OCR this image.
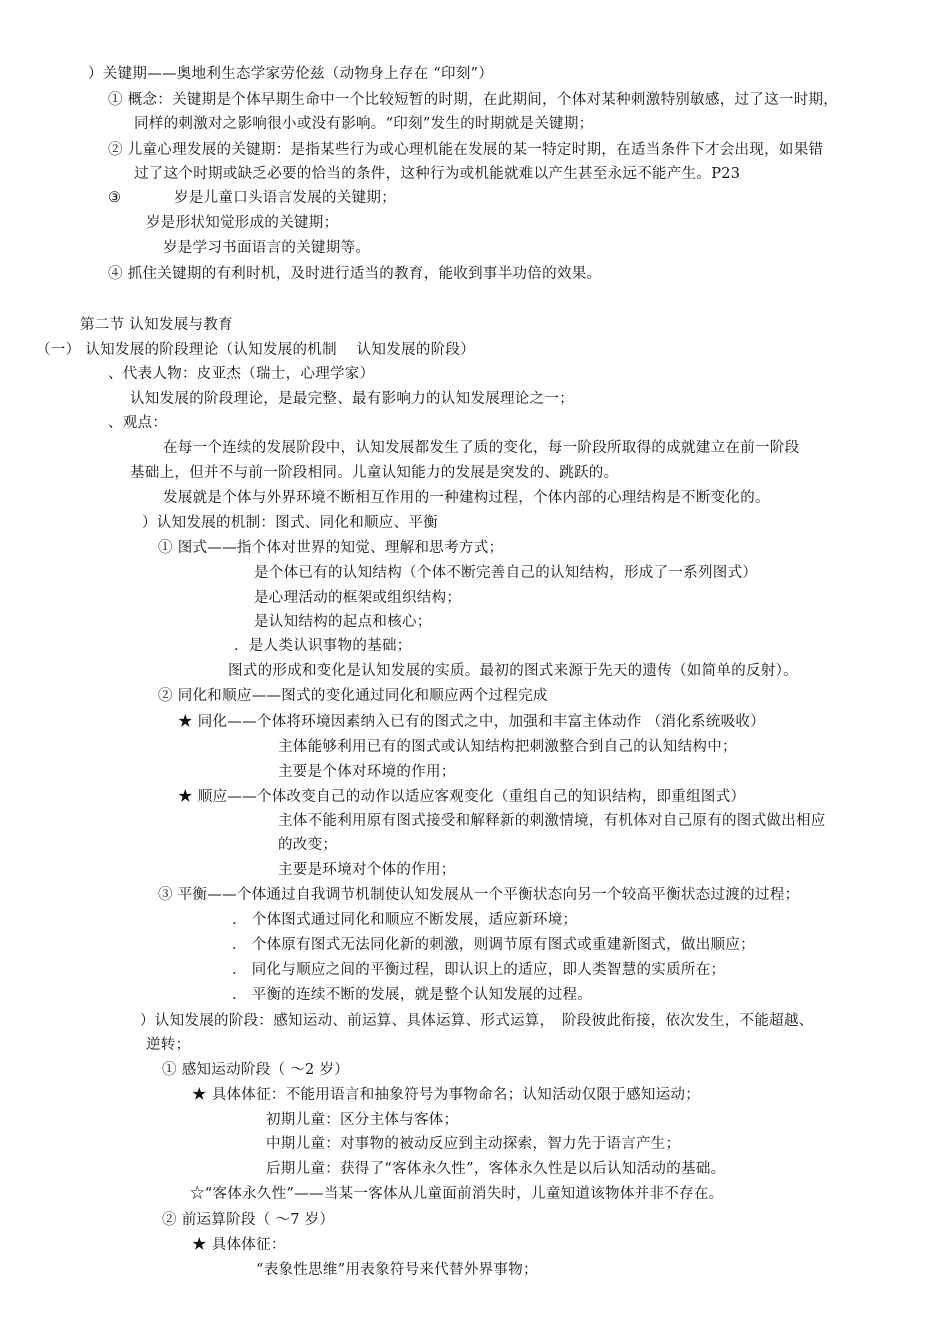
）关键期——奥地利生态学家劳伦兹（动物身上存在 “印刻”）
① 概念：关键期是个体早期生命中一个比较短暂的时期，在此期间，个体对某种刺激特别敏感，过了这一时期，
同样的刺激对之影响很小或没有影响。“印刻”发生的时期就是关键期；
② 儿童心理发展的关键期：是指某些行为或心理机能在发展的某一特定时期，在适当条件下才会出现，如果错
过了这个时期或缺乏必要的恰当的条件，这种行为或机能就难以产生甚至永远不能产生。P23
③	岁是儿童口头语言发展的关键期；
岁是形状知觉形成的关键期；
岁是学习书面语言的关键期等。
④ 抓住关键期的有利时机，及时进行适当的教育，能收到事半功倍的效果。
第二节 认知发展与教育
（一） 认知发展的阶段理论（认知发展的机制　 认知发展的阶段）
、代表人物：皮亚杰（瑞士，心理学家）
认知发展的阶段理论，是最完整、最有影响力的认知发展理论之一；
、观点：
在每一个连续的发展阶段中，认知发展都发生了质的变化，每一阶段所取得的成就建立在前一阶段
基础上，但并不与前一阶段相同。儿童认知能力的发展是突发的、跳跃的。
发展就是个体与外界环境不断相互作用的一种建构过程，个体内部的心理结构是不断变化的。
）认知发展的机制：图式、同化和顺应、平衡
① 图式——指个体对世界的知觉、理解和思考方式；
是个体已有的认知结构（个体不断完善自己的认知结构，形成了一系列图式）
是心理活动的框架或组织结构；
是认知结构的起点和核心；
．是人类认识事物的基础；
图式的形成和变化是认知发展的实质。最初的图式来源于先天的遗传（如简单的反射）。
② 同化和顺应——图式的变化通过同化和顺应两个过程完成
★ 同化——个体将环境因素纳入已有的图式之中，加强和丰富主体动作 （消化系统吸收）
主体能够利用已有的图式或认知结构把刺激整合到自己的认知结构中；
主要是个体对环境的作用；
★ 顺应——个体改变自己的动作以适应客观变化（重组自己的知识结构，即重组图式）
主体不能利用原有图式接受和解释新的刺激情境，有机体对自己原有的图式做出相应
的改变；
主要是环境对个体的作用；
③ 平衡——个体通过自我调节机制使认知发展从一个平衡状态向另一个较高平衡状态过渡的过程；
． 个体图式通过同化和顺应不断发展，适应新环境；
． 个体原有图式无法同化新的刺激，则调节原有图式或重建新图式，做出顺应；
． 同化与顺应之间的平衡过程，即认识上的适应，即人类智慧的实质所在；
． 平衡的连续不断的发展，就是整个认知发展的过程。
）认知发展的阶段：感知运动、前运算、具体运算、形式运算，　阶段彼此衔接，依次发生，不能超越、
逆转；
① 感知运动阶段（ ～2 岁）
★ 具体体征：不能用语言和抽象符号为事物命名；认知活动仅限于感知运动；
初期儿童：区分主体与客体；
中期儿童：对事物的被动反应到主动探索，智力先于语言产生；
后期儿童：获得了“客体永久性”，客体永久性是以后认知活动的基础。
☆“客体永久性”——当某一客体从儿童面前消失时，儿童知道该物体并非不存在。
② 前运算阶段（ ～7 岁）
★ 具体体征：
“表象性思维”用表象符号来代替外界事物；
